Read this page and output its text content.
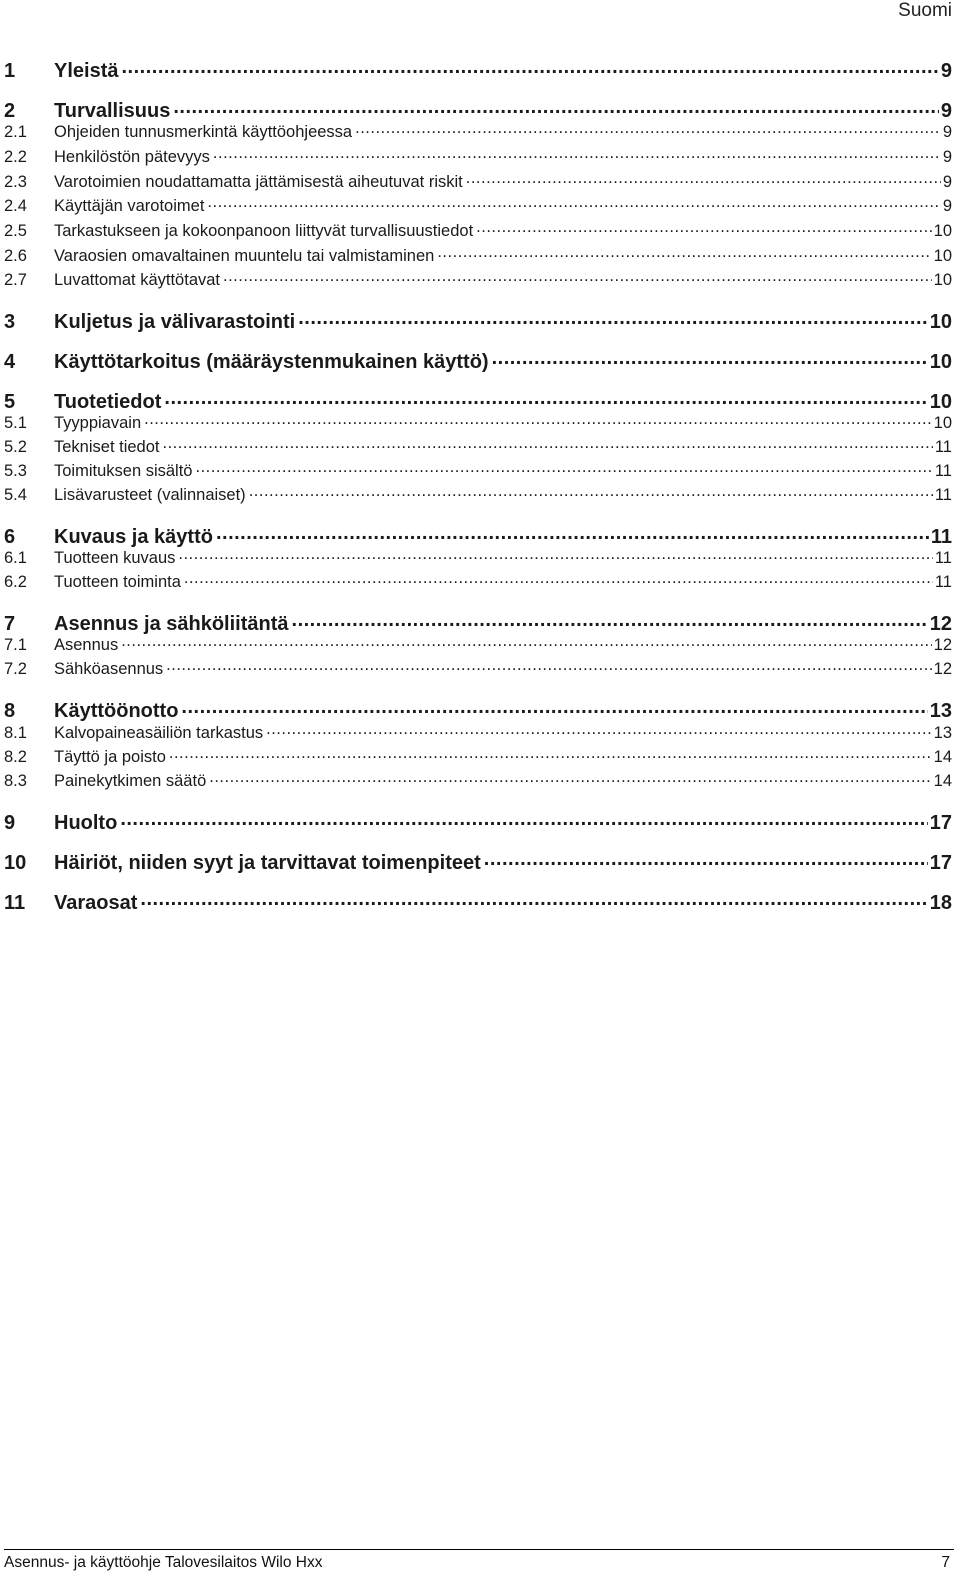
Suomi
1	Yleistä .....	9
2	Turvallisuus .....	9
2.1	Ohjeiden tunnusmerkintä käyttöohjeessa .....	9
2.2	Henkilöstön pätevyys .....	9
2.3	Varotoimien noudattamatta jättämisestä aiheutuvat riskit .....	9
2.4	Käyttäjän varotoimet .....	9
2.5	Tarkastukseen ja kokoonpanoon liittyvät turvallisuustiedot .....	10
2.6	Varaosien omavaltainen muuntelu tai valmistaminen .....	10
2.7	Luvattomat käyttötavat .....	10
3	Kuljetus ja välivarastointi .....	10
4	Käyttötarkoitus (määräystenmukainen käyttö) .....	10
5	Tuotetiedot .....	10
5.1	Tyyppiavain .....	10
5.2	Tekniset tiedot .....	11
5.3	Toimituksen sisältö .....	11
5.4	Lisävarusteet (valinnaiset) .....	11
6	Kuvaus ja käyttö .....	11
6.1	Tuotteen kuvaus .....	11
6.2	Tuotteen toiminta .....	11
7	Asennus ja sähköliitäntä .....	12
7.1	Asennus .....	12
7.2	Sähköasennus .....	12
8	Käyttöönotto .....	13
8.1	Kalvopaineasäiliön tarkastus .....	13
8.2	Täyttö ja poisto .....	14
8.3	Painekytkimen säätö .....	14
9	Huolto .....	17
10	Häiriöt, niiden syyt ja tarvittavat toimenpiteet .....	17
11	Varaosat .....	18
Asennus- ja käyttöohje Talovesilaitos Wilo Hxx	7
